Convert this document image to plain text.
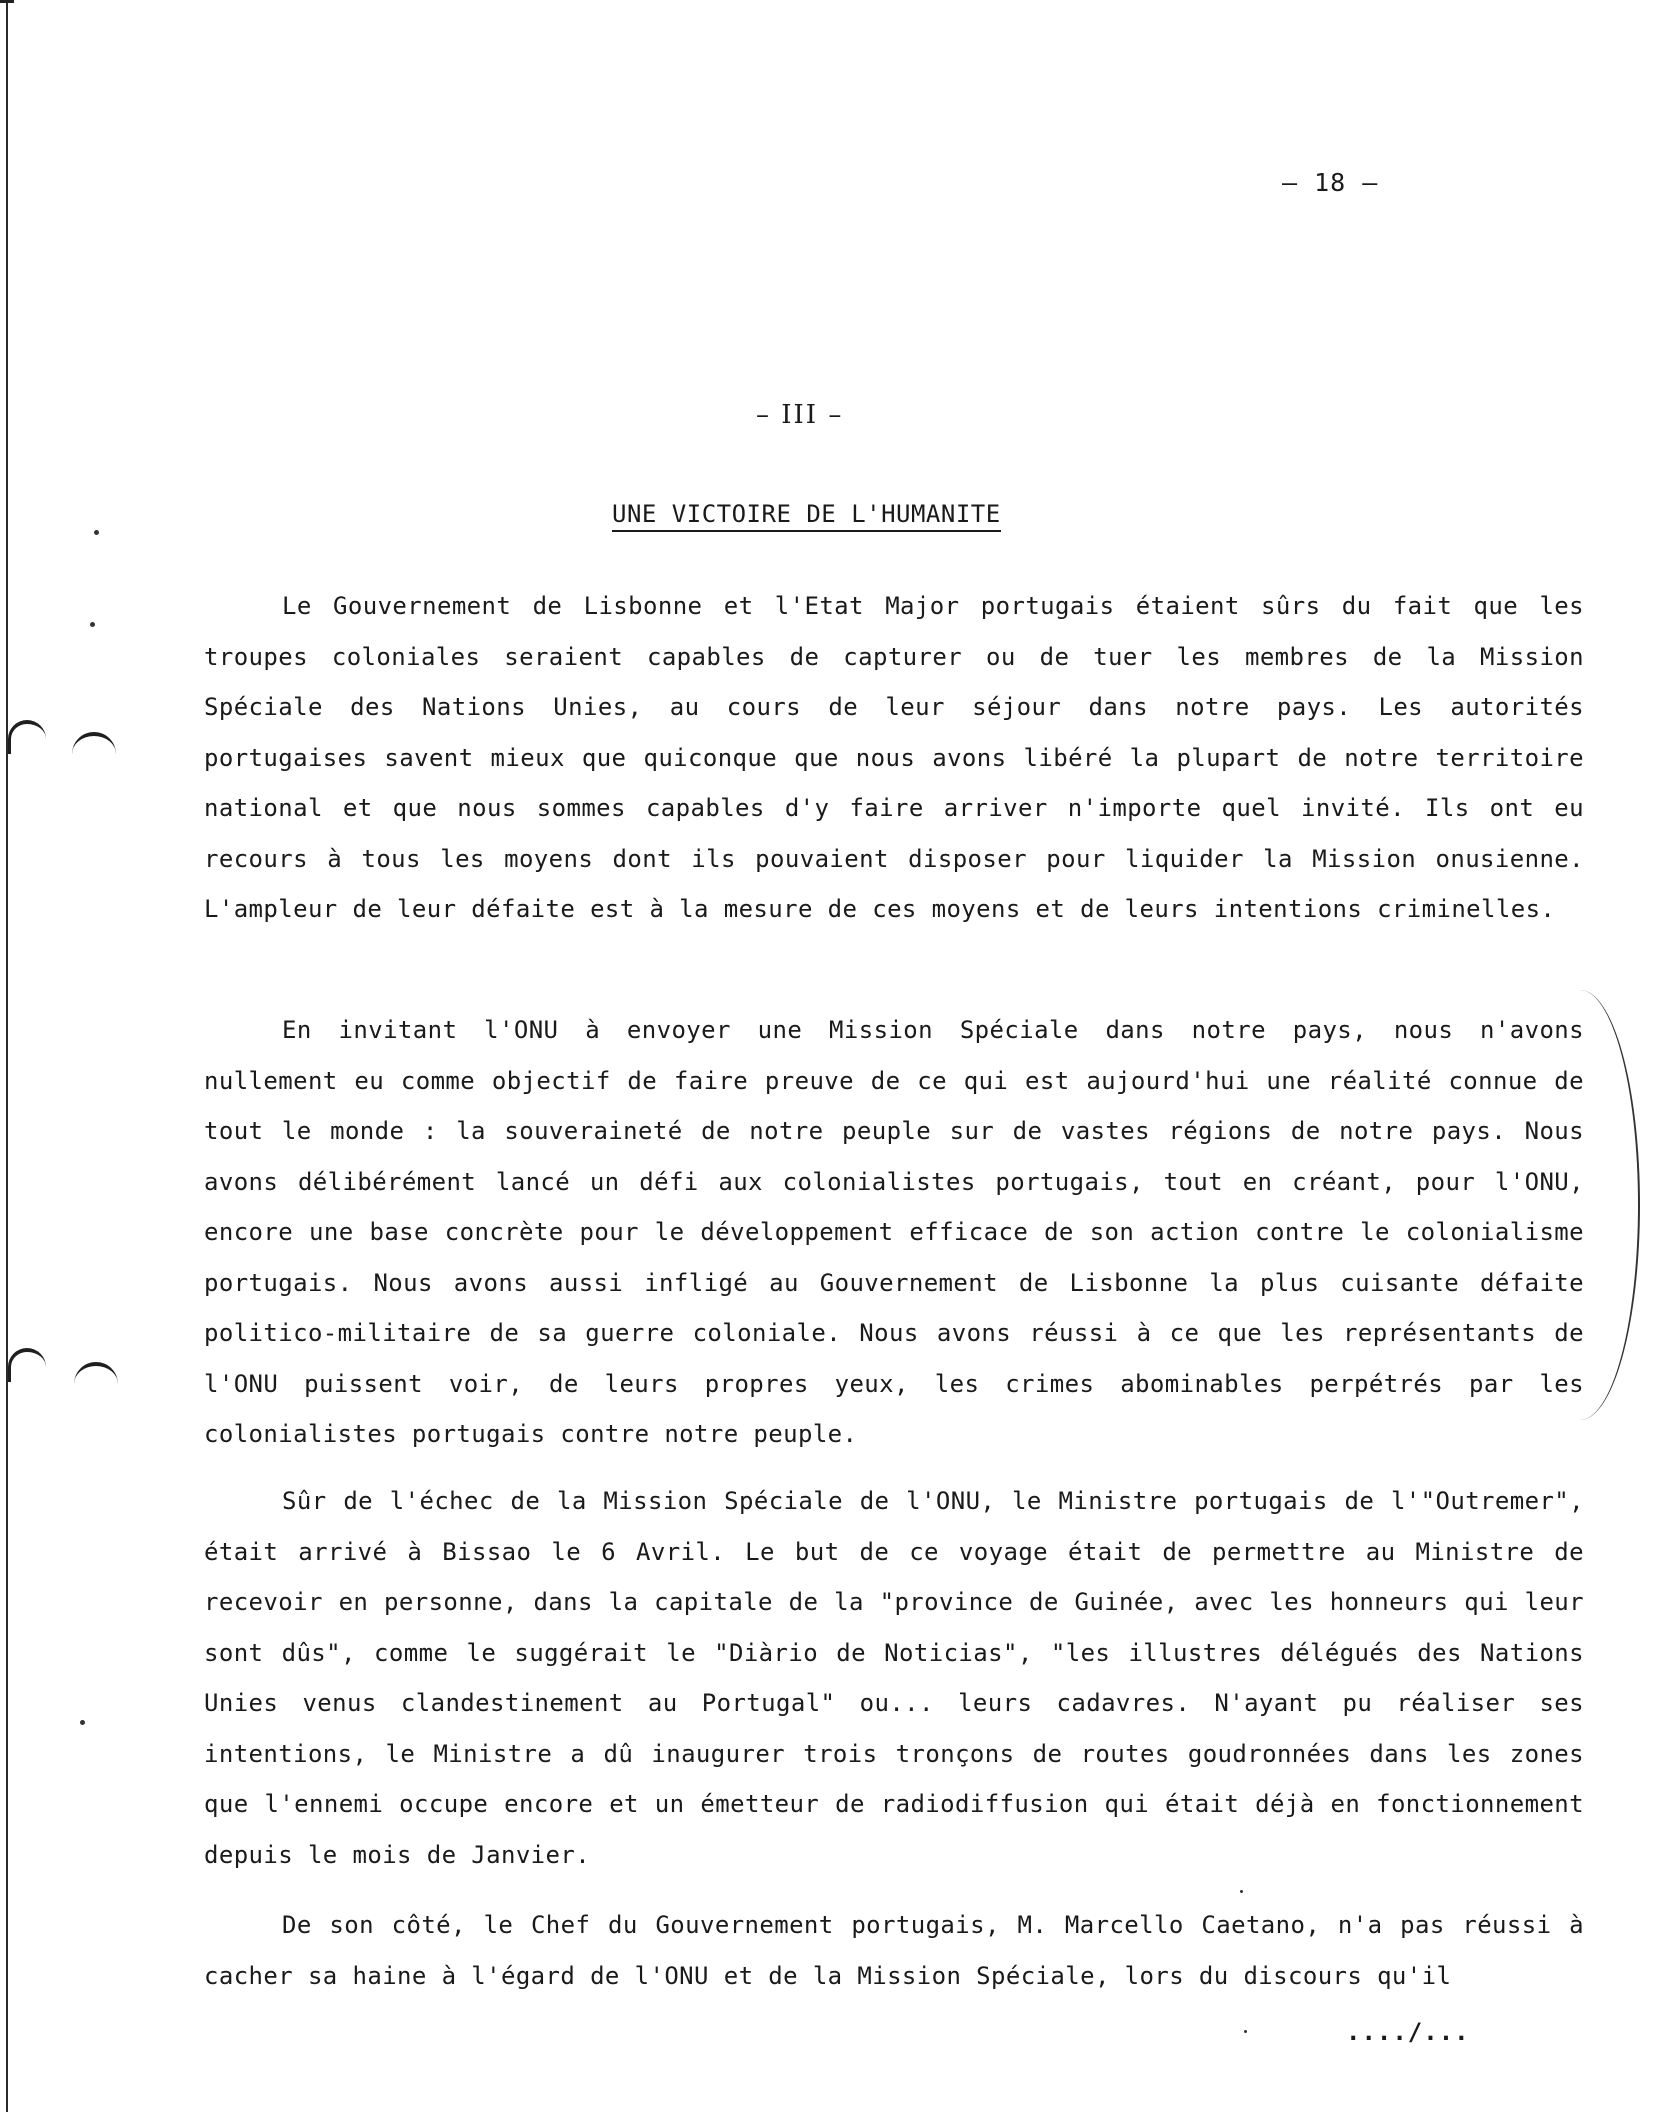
– 18 –
– III –
UNE VICTOIRE DE L'HUMANITE

Le Gouvernement de Lisbonne et l'Etat Major portugais étaient sûrs du fait que les troupes coloniales seraient capables de capturer ou de tuer les membres de la Mission Spéciale des Nations Unies, au cours de leur séjour dans notre pays. Les autorités portugaises savent mieux que quiconque que nous avons libéré la plupart de notre territoire national et que nous sommes capables d'y faire arriver n'importe quel invité. Ils ont eu recours à tous les moyens dont ils pouvaient disposer pour liquider la Mission onusienne. L'ampleur de leur défaite est à la mesure de ces moyens et de leurs intentions criminelles.

En invitant l'ONU à envoyer une Mission Spéciale dans notre pays, nous n'avons nullement eu comme objectif de faire preuve de ce qui est aujourd'hui une réalité connue de tout le monde : la souveraineté de notre peuple sur de vastes régions de notre pays. Nous avons délibérément lancé un défi aux colonialistes portugais, tout en créant, pour l'ONU, encore une base concrète pour le développement efficace de son action contre le colonialisme portugais. Nous avons aussi infligé au Gouvernement de Lisbonne la plus cuisante défaite politico-militaire de sa guerre coloniale. Nous avons réussi à ce que les représentants de l'ONU puissent voir, de leurs propres yeux, les crimes abominables perpétrés par les colonialistes portugais contre notre peuple.

Sûr de l'échec de la Mission Spéciale de l'ONU, le Ministre portugais de l'"Outremer", était arrivé à Bissao le 6 Avril. Le but de ce voyage était de permettre au Ministre de recevoir en personne, dans la capitale de la "province de Guinée, avec les honneurs qui leur sont dûs", comme le suggérait le "Diàrio de Noticias", "les illustres délégués des Nations Unies venus clandestinement au Portugal" ou... leurs cadavres. N'ayant pu réaliser ses intentions, le Ministre a dû inaugurer trois tronçons de routes goudronnées dans les zones que l'ennemi occupe encore et un émetteur de radiodiffusion qui était déjà en fonctionnement depuis le mois de Janvier.

De son côté, le Chef du Gouvernement portugais, M. Marcello Caetano, n'a pas réussi à cacher sa haine à l'égard de l'ONU et de la Mission Spéciale, lors du discours qu'il

..../...
